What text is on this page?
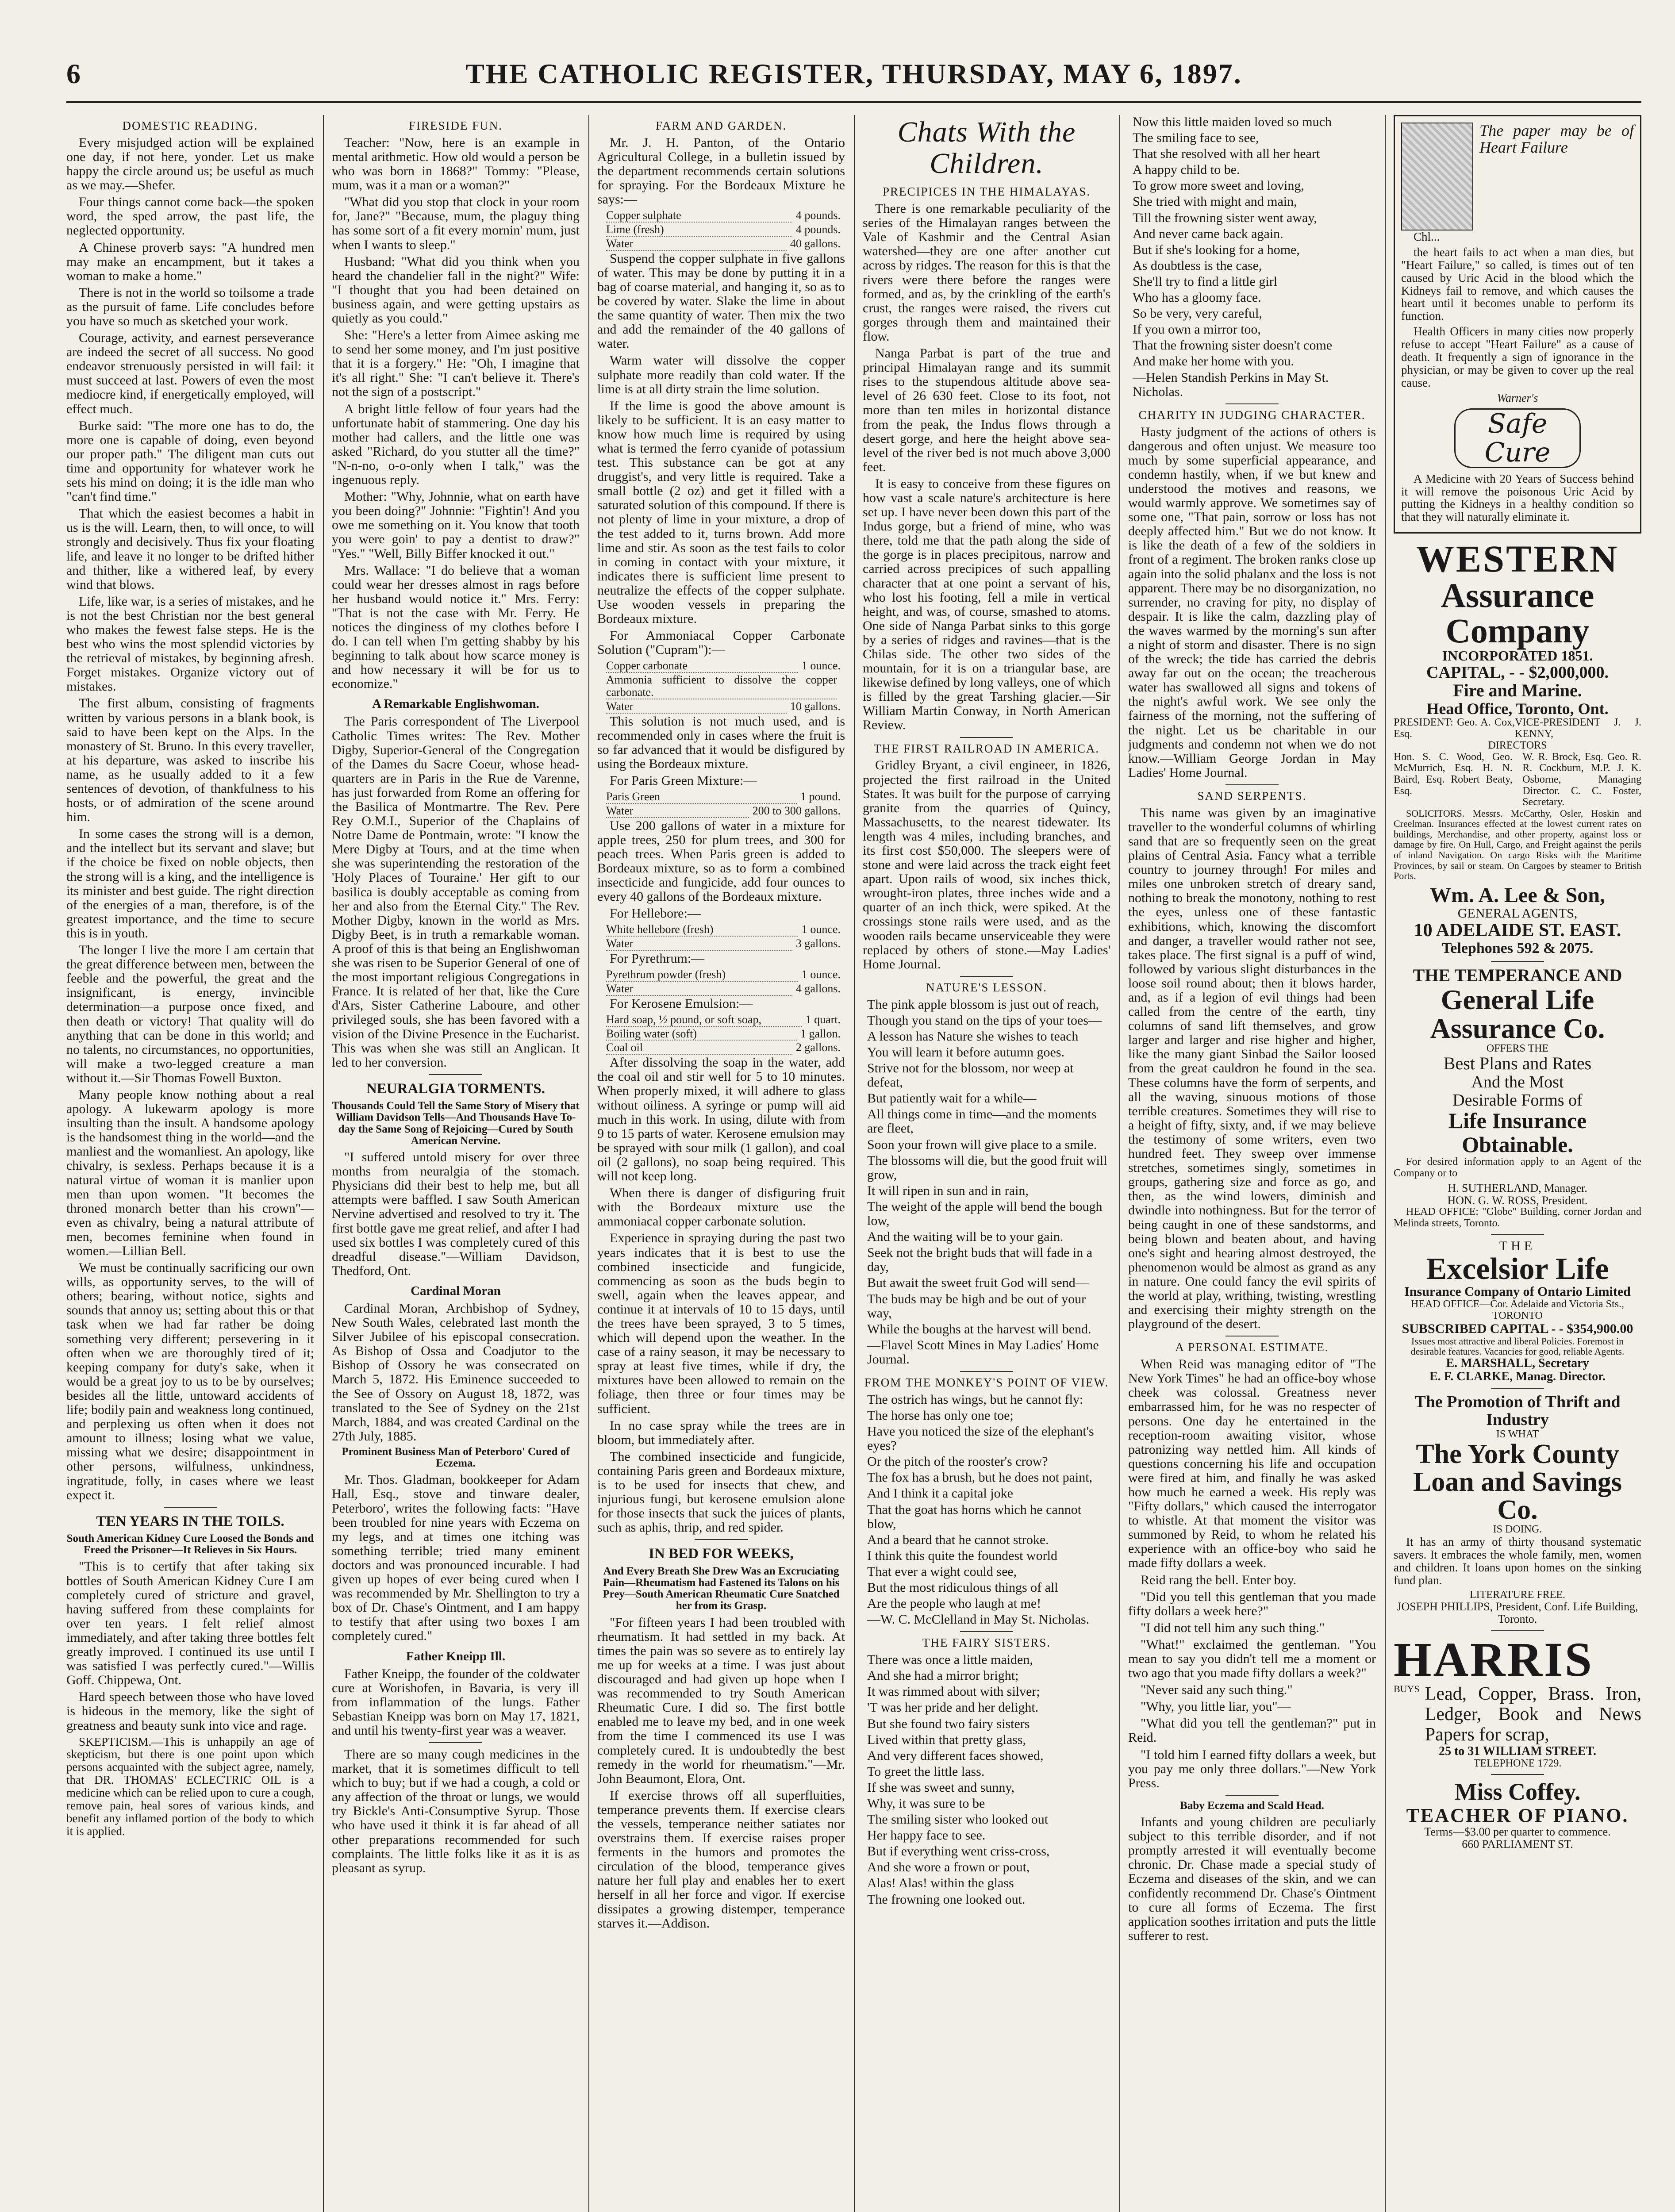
6	THE CATHOLIC REGISTER, THURSDAY, MAY 6, 1897.
DOMESTIC READING.

Every misjudged action will be explained one day, if not here, yonder. Let us make happy the circle around us; be useful as much as we may.—Shefer.

Four things cannot come back—the spoken word, the sped arrow, the past life, the neglected opportunity.

A Chinese proverb says: "A hundred men may make an encampment, but it takes a woman to make a home."

There is not in the world so toilsome a trade as the pursuit of fame. Life concludes before you have so much as sketched your work.

Courage, activity, and earnest perseverance are indeed the secret of all success. No good endeavor strenuously persisted in will fail: it must succeed at last. Powers of even the most mediocre kind, if energetically employed, will effect much.

Burke said: "The more one has to do, the more one is capable of doing, even beyond our proper path." The diligent man cuts out time and opportunity for whatever work he sets his mind on doing; it is the idle man who "can't find time."

That which the easiest becomes a habit in us is the will. Learn, then, to will once, to will strongly and decisively. Thus fix your floating life, and leave it no longer to be drifted hither and thither, like a withered leaf, by every wind that blows.

Life, like war, is a series of mistakes, and he is not the best Christian nor the best general who makes the fewest false steps. He is the best who wins the most splendid victories by the retrieval of mistakes, by beginning afresh. Forget mistakes. Organize victory out of mistakes.

The first album, consisting of fragments written by various persons in a blank book, is said to have been kept on the Alps. In the monastery of St. Bruno. In this every traveller, at his departure, was asked to inscribe his name, as he usually added to it a few sentences of devotion, of thankfulness to his hosts, or of admiration of the scene around him.

In some cases the strong will is a demon, and the intellect but its servant and slave; but if the choice be fixed on noble objects, then the strong will is a king, and the intelligence is its minister and best guide. The right direction of the energies of a man, therefore, is of the greatest importance, and the time to secure this is in youth.

The longer I live the more I am certain that the great difference between men, between the feeble and the powerful, the great and the insignificant, is energy, invincible determination—a purpose once fixed, and then death or victory! That quality will do anything that can be done in this world; and no talents, no circumstances, no opportunities, will make a two-legged creature a man without it.—Sir Thomas Fowell Buxton.

Many people know nothing about a real apology. A lukewarm apology is more insulting than the insult. A handsome apology is the handsomest thing in the world—and the manliest and the womanliest. An apology, like chivalry, is sexless. Perhaps because it is a natural virtue of woman it is manlier upon men than upon women. "It becomes the throned monarch better than his crown"—even as chivalry, being a natural attribute of men, becomes feminine when found in women.—Lillian Bell.

We must be continually sacrificing our own wills, as opportunity serves, to the will of others; bearing, without notice, sights and sounds that annoy us; setting about this or that task when we had far rather be doing something very different; persevering in it often when we are thoroughly tired of it; keeping company for duty's sake, when it would be a great joy to us to be by ourselves; besides all the little, untoward accidents of life; bodily pain and weakness long continued, and perplexing us often when it does not amount to illness; losing what we value, missing what we desire; disappointment in other persons, wilfulness, unkindness, ingratitude, folly, in cases where we least expect it.

TEN YEARS IN THE TOILS.
South American Kidney Cure Loosed the Bonds and Freed the Prisoner—It Relieves in Six Hours.

"This is to certify that after taking six bottles of South American Kidney Cure I am completely cured of stricture and gravel, having suffered from these complaints for over ten years. I felt relief almost immediately, and after taking three bottles felt greatly improved. I continued its use until I was satisfied I was perfectly cured."—Willis Goff. Chippewa, Ont.

Hard speech between those who have loved is hideous in the memory, like the sight of greatness and beauty sunk into vice and rage.

SKEPTICISM.—This is unhappily an age of skepticism, but there is one point upon which persons acquainted with the subject agree, namely, that DR. THOMAS' ECLECTRIC OIL is a medicine which can be relied upon to cure a cough, remove pain, heal sores of various kinds, and benefit any inflamed portion of the body to which it is applied.

FIRESIDE FUN.

Teacher: "Now, here is an example in mental arithmetic. How old would a person be who was born in 1868?" Tommy: "Please, mum, was it a man or a woman?"

"What did you stop that clock in your room for, Jane?" "Because, mum, the plaguy thing has some sort of a fit every mornin' mum, just when I wants to sleep."

Husband: "What did you think when you heard the chandelier fall in the night?" Wife: "I thought that you had been detained on business again, and were getting upstairs as quietly as you could."

She: "Here's a letter from Aimee asking me to send her some money, and I'm just positive that it is a forgery." He: "Oh, I imagine that it's all right." She: "I can't believe it. There's not the sign of a postscript."

A bright little fellow of four years had the unfortunate habit of stammering. One day his mother had callers, and the little one was asked "Richard, do you stutter all the time?" "N-n-no, o-o-only when I talk," was the ingenuous reply.

Mother: "Why, Johnnie, what on earth have you been doing?" Johnnie: "Fightin'! And you owe me something on it. You know that tooth you were goin' to pay a dentist to draw?" "Yes." "Well, Billy Biffer knocked it out."

Mrs. Wallace: "I do believe that a woman could wear her dresses almost in rags before her husband would notice it." Mrs. Ferry: "That is not the case with Mr. Ferry. He notices the dinginess of my clothes before I do. I can tell when I'm getting shabby by his beginning to talk about how scarce money is and how necessary it will be for us to economize."

A Remarkable Englishwoman.

The Paris correspondent of The Liverpool Catholic Times writes: The Rev. Mother Digby, Superior-General of the Congregation of the Dames du Sacre Coeur, whose head-quarters are in Paris in the Rue de Varenne, has just forwarded from Rome an offering for the Basilica of Montmartre. The Rev. Pere Rey O.M.I., Superior of the Chaplains of Notre Dame de Pontmain, wrote: "I know the Mere Digby at Tours, and at the time when she was superintending the restoration of the 'Holy Places of Touraine.' Her gift to our basilica is doubly acceptable as coming from her and also from the Eternal City." The Rev. Mother Digby, known in the world as Mrs. Digby Beet, is in truth a remarkable woman. A proof of this is that being an Englishwoman she was risen to be Superior General of one of the most important religious Congregations in France. It is related of her that, like the Cure d'Ars, Sister Catherine Laboure, and other privileged souls, she has been favored with a vision of the Divine Presence in the Eucharist. This was when she was still an Anglican. It led to her conversion.

NEURALGIA TORMENTS.
Thousands Could Tell the Same Story of Misery that William Davidson Tells—And Thousands Have To-day the Same Song of Rejoicing—Cured by South American Nervine.

"I suffered untold misery for over three months from neuralgia of the stomach. Physicians did their best to help me, but all attempts were baffled. I saw South American Nervine advertised and resolved to try it. The first bottle gave me great relief, and after I had used six bottles I was completely cured of this dreadful disease."—William Davidson, Thedford, Ont.

Cardinal Moran

Cardinal Moran, Archbishop of Sydney, New South Wales, celebrated last month the Silver Jubilee of his episcopal consecration. As Bishop of Ossa and Coadjutor to the Bishop of Ossory he was consecrated on March 5, 1872. His Eminence succeeded to the See of Ossory on August 18, 1872, was translated to the See of Sydney on the 21st March, 1884, and was created Cardinal on the 27th July, 1885.

Prominent Business Man of Peterboro' Cured of Eczema.

Mr. Thos. Gladman, bookkeeper for Adam Hall, Esq., stove and tinware dealer, Peterboro', writes the following facts: "Have been troubled for nine years with Eczema on my legs, and at times one itching was something terrible; tried many eminent doctors and was pronounced incurable. I had given up hopes of ever being cured when I was recommended by Mr. Shellington to try a box of Dr. Chase's Ointment, and I am happy to testify that after using two boxes I am completely cured."

Father Kneipp Ill.

Father Kneipp, the founder of the coldwater cure at Worishofen, in Bavaria, is very ill from inflammation of the lungs. Father Sebastian Kneipp was born on May 17, 1821, and until his twenty-first year was a weaver.

There are so many cough medicines in the market, that it is sometimes difficult to tell which to buy; but if we had a cough, a cold or any affection of the throat or lungs, we would try Bickle's Anti-Consumptive Syrup. Those who have used it think it is far ahead of all other preparations recommended for such complaints. The little folks like it as it is as pleasant as syrup.

FARM AND GARDEN.

Mr. J. H. Panton, of the Ontario Agricultural College, in a bulletin issued by the department recommends certain solutions for spraying. For the Bordeaux Mixture he says:—

Copper sulphate	4 pounds.
Lime (fresh)	4 pounds.
Water	40 gallons.

Suspend the copper sulphate in five gallons of water. This may be done by putting it in a bag of coarse material, and hanging it, so as to be covered by water. Slake the lime in about the same quantity of water. Then mix the two and add the remainder of the 40 gallons of water.

Warm water will dissolve the copper sulphate more readily than cold water. If the lime is at all dirty strain the lime solution.

If the lime is good the above amount is likely to be sufficient. It is an easy matter to know how much lime is required by using what is termed the ferro cyanide of potassium test. This substance can be got at any druggist's, and very little is required. Take a small bottle (2 oz) and get it filled with a saturated solution of this compound. If there is not plenty of lime in your mixture, a drop of the test added to it, turns brown. Add more lime and stir. As soon as the test fails to color in coming in contact with your mixture, it indicates there is sufficient lime present to neutralize the effects of the copper sulphate. Use wooden vessels in preparing the Bordeaux mixture.

For Ammoniacal Copper Carbonate Solution ("Cupram"):—

Copper carbonate	1 ounce.
Ammonia sufficient to dissolve the copper carbonate.
Water	10 gallons.

This solution is not much used, and is recommended only in cases where the fruit is so far advanced that it would be disfigured by using the Bordeaux mixture.

For Paris Green Mixture:—

Paris Green	1 pound.
Water	200 to 300 gallons.

Use 200 gallons of water in a mixture for apple trees, 250 for plum trees, and 300 for peach trees. When Paris green is added to Bordeaux mixture, so as to form a combined insecticide and fungicide, add four ounces to every 40 gallons of the Bordeaux mixture.

For Hellebore:—

White hellebore (fresh)	1 ounce.
Water	3 gallons.

For Pyrethrum:—

Pyrethrum powder (fresh)	1 ounce.
Water	4 gallons.

For Kerosene Emulsion:—

Hard soap, ½ pound, or soft soap,	1 quart.
Boiling water (soft)	1 gallon.
Coal oil	2 gallons.

After dissolving the soap in the water, add the coal oil and stir well for 5 to 10 minutes. When properly mixed, it will adhere to glass without oiliness. A syringe or pump will aid much in this work. In using, dilute with from 9 to 15 parts of water. Kerosene emulsion may be sprayed with sour milk (1 gallon), and coal oil (2 gallons), no soap being required. This will not keep long.

When there is danger of disfiguring fruit with the Bordeaux mixture use the ammoniacal copper carbonate solution.

Experience in spraying during the past two years indicates that it is best to use the combined insecticide and fungicide, commencing as soon as the buds begin to swell, again when the leaves appear, and continue it at intervals of 10 to 15 days, until the trees have been sprayed, 3 to 5 times, which will depend upon the weather. In the case of a rainy season, it may be necessary to spray at least five times, while if dry, the mixtures have been allowed to remain on the foliage, then three or four times may be sufficient.

In no case spray while the trees are in bloom, but immediately after.

The combined insecticide and fungicide, containing Paris green and Bordeaux mixture, is to be used for insects that chew, and injurious fungi, but kerosene emulsion alone for those insects that suck the juices of plants, such as aphis, thrip, and red spider.

IN BED FOR WEEKS,
And Every Breath She Drew Was an Excruciating Pain—Rheumatism had Fastened its Talons on his Prey—South American Rheumatic Cure Snatched her from its Grasp.

"For fifteen years I had been troubled with rheumatism. It had settled in my back. At times the pain was so severe as to entirely lay me up for weeks at a time. I was just about discouraged and had given up hope when I was recommended to try South American Rheumatic Cure. I did so. The first bottle enabled me to leave my bed, and in one week from the time I commenced its use I was completely cured. It is undoubtedly the best remedy in the world for rheumatism."—Mr. John Beaumont, Elora, Ont.

If exercise throws off all superfluities, temperance prevents them. If exercise clears the vessels, temperance neither satiates nor overstrains them. If exercise raises proper ferments in the humors and promotes the circulation of the blood, temperance gives nature her full play and enables her to exert herself in all her force and vigor. If exercise dissipates a growing distemper, temperance starves it.—Addison.

Chats With the Children.
PRECIPICES IN THE HIMALAYAS.

There is one remarkable peculiarity of the series of the Himalayan ranges between the Vale of Kashmir and the Central Asian watershed—they are one after another cut across by ridges. The reason for this is that the rivers were there before the ranges were formed, and as, by the crinkling of the earth's crust, the ranges were raised, the rivers cut gorges through them and maintained their flow.

Nanga Parbat is part of the true and principal Himalayan range and its summit rises to the stupendous altitude above sea-level of 26 630 feet. Close to its foot, not more than ten miles in horizontal distance from the peak, the Indus flows through a desert gorge, and here the height above sea-level of the river bed is not much above 3,000 feet.

It is easy to conceive from these figures on how vast a scale nature's architecture is here set up. I have never been down this part of the Indus gorge, but a friend of mine, who was there, told me that the path along the side of the gorge is in places precipitous, narrow and carried across precipices of such appalling character that at one point a servant of his, who lost his footing, fell a mile in vertical height, and was, of course, smashed to atoms. One side of Nanga Parbat sinks to this gorge by a series of ridges and ravines—that is the Chilas side. The other two sides of the mountain, for it is on a triangular base, are likewise defined by long valleys, one of which is filled by the great Tarshing glacier.—Sir William Martin Conway, in North American Review.

THE FIRST RAILROAD IN AMERICA.

Gridley Bryant, a civil engineer, in 1826, projected the first railroad in the United States. It was built for the purpose of carrying granite from the quarries of Quincy, Massachusetts, to the nearest tidewater. Its length was 4 miles, including branches, and its first cost $50,000. The sleepers were of stone and were laid across the track eight feet apart. Upon rails of wood, six inches thick, wrought-iron plates, three inches wide and a quarter of an inch thick, were spiked. At the crossings stone rails were used, and as the wooden rails became unserviceable they were replaced by others of stone.—May Ladies' Home Journal.

NATURE'S LESSON.

The pink apple blossom is just out of reach,

Though you stand on the tips of your toes—

A lesson has Nature she wishes to teach

You will learn it before autumn goes.

Strive not for the blossom, nor weep at defeat,

But patiently wait for a while—

All things come in time—and the moments are fleet,

Soon your frown will give place to a smile.

The blossoms will die, but the good fruit will grow,

It will ripen in sun and in rain,

The weight of the apple will bend the bough low,

And the waiting will be to your gain.

Seek not the bright buds that will fade in a day,

But await the sweet fruit God will send—

The buds may be high and be out of your way,

While the boughs at the harvest will bend.

—Flavel Scott Mines in May Ladies' Home Journal.

FROM THE MONKEY'S POINT OF VIEW.

The ostrich has wings, but he cannot fly:

The horse has only one toe;

Have you noticed the size of the elephant's eyes?

Or the pitch of the rooster's crow?

The fox has a brush, but he does not paint,

And I think it a capital joke

That the goat has horns which he cannot blow,

And a beard that he cannot stroke.

I think this quite the foundest world

That ever a wight could see,

But the most ridiculous things of all

Are the people who laugh at me!

—W. C. McClelland in May St. Nicholas.

THE FAIRY SISTERS.

There was once a little maiden,

And she had a mirror bright;

It was rimmed about with silver;

'T was her pride and her delight.

But she found two fairy sisters

Lived within that pretty glass,

And very different faces showed,

To greet the little lass.

If she was sweet and sunny,

Why, it was sure to be

The smiling sister who looked out

Her happy face to see.

But if everything went criss-cross,

And she wore a frown or pout,

Alas! Alas! within the glass

The frowning one looked out.

Now this little maiden loved so much

The smiling face to see,

That she resolved with all her heart

A happy child to be.

To grow more sweet and loving,

She tried with might and main,

Till the frowning sister went away,

And never came back again.

But if she's looking for a home,

As doubtless is the case,

She'll try to find a little girl

Who has a gloomy face.

So be very, very careful,

If you own a mirror too,

That the frowning sister doesn't come

And make her home with you.

—Helen Standish Perkins in May St. Nicholas.

CHARITY IN JUDGING CHARACTER.

Hasty judgment of the actions of others is dangerous and often unjust. We measure too much by some superficial appearance, and condemn hastily, when, if we but knew and understood the motives and reasons, we would warmly approve. We sometimes say of some one, "That pain, sorrow or loss has not deeply affected him." But we do not know. It is like the death of a few of the soldiers in front of a regiment. The broken ranks close up again into the solid phalanx and the loss is not apparent. There may be no disorganization, no surrender, no craving for pity, no display of despair. It is like the calm, dazzling play of the waves warmed by the morning's sun after a night of storm and disaster. There is no sign of the wreck; the tide has carried the debris away far out on the ocean; the treacherous water has swallowed all signs and tokens of the night's awful work. We see only the fairness of the morning, not the suffering of the night. Let us be charitable in our judgments and condemn not when we do not know.—William George Jordan in May Ladies' Home Journal.

SAND SERPENTS.

This name was given by an imaginative traveller to the wonderful columns of whirling sand that are so frequently seen on the great plains of Central Asia. Fancy what a terrible country to journey through! For miles and miles one unbroken stretch of dreary sand, nothing to break the monotony, nothing to rest the eyes, unless one of these fantastic exhibitions, which, knowing the discomfort and danger, a traveller would rather not see, takes place. The first signal is a puff of wind, followed by various slight disturbances in the loose soil round about; then it blows harder, and, as if a legion of evil things had been called from the centre of the earth, tiny columns of sand lift themselves, and grow larger and larger and rise higher and higher, like the many giant Sinbad the Sailor loosed from the great cauldron he found in the sea. These columns have the form of serpents, and all the waving, sinuous motions of those terrible creatures. Sometimes they will rise to a height of fifty, sixty, and, if we may believe the testimony of some writers, even two hundred feet. They sweep over immense stretches, sometimes singly, sometimes in groups, gathering size and force as go, and then, as the wind lowers, diminish and dwindle into nothingness. But for the terror of being caught in one of these sandstorms, and being blown and beaten about, and having one's sight and hearing almost destroyed, the phenomenon would be almost as grand as any in nature. One could fancy the evil spirits of the world at play, writhing, twisting, wrestling and exercising their mighty strength on the playground of the desert.

A PERSONAL ESTIMATE.

When Reid was managing editor of "The New York Times" he had an office-boy whose cheek was colossal. Greatness never embarrassed him, for he was no respecter of persons. One day he entertained in the reception-room awaiting visitor, whose patronizing way nettled him. All kinds of questions concerning his life and occupation were fired at him, and finally he was asked how much he earned a week. His reply was "Fifty dollars," which caused the interrogator to whistle. At that moment the visitor was summoned by Reid, to whom he related his experience with an office-boy who said he made fifty dollars a week.

Reid rang the bell. Enter boy.

"Did you tell this gentleman that you made fifty dollars a week here?"

"I did not tell him any such thing."

"What!" exclaimed the gentleman. "You mean to say you didn't tell me a moment or two ago that you made fifty dollars a week?"

"Never said any such thing."

"Why, you little liar, you"—

"What did you tell the gentleman?" put in Reid.

"I told him I earned fifty dollars a week, but you pay me only three dollars."—New York Press.

Baby Eczema and Scald Head.

Infants and young children are peculiarly subject to this terrible disorder, and if not promptly arrested it will eventually become chronic. Dr. Chase made a special study of Eczema and diseases of the skin, and we can confidently recommend Dr. Chase's Ointment to cure all forms of Eczema. The first application soothes irritation and puts the little sufferer to rest.

The paper may be of Heart Failure

Chl...

the heart fails to act when a man dies, but "Heart Failure," so called, is times out of ten caused by Uric Acid in the blood which the Kidneys fail to remove, and which causes the heart until it becomes unable to perform its function.

Health Officers in many cities now properly refuse to accept "Heart Failure" as a cause of death. It frequently a sign of ignorance in the physician, or may be given to cover up the real cause.

Warner's
Safe Cure

A Medicine with 20 Years of Success behind it will remove the poisonous Uric Acid by putting the Kidneys in a healthy condition so that they will naturally eliminate it.

WESTERN
Assurance Company
INCORPORATED 1851.
CAPITAL, - - $2,000,000.
Fire and Marine.
Head Office, Toronto, Ont.
PRESIDENT: Geo. A. Cox, Esq.
VICE-PRESIDENT J. J. KENNY,
DIRECTORS
Hon. S. C. Wood, Geo. McMurrich, Esq. H. N. Baird, Esq. Robert Beaty, Esq.
W. R. Brock, Esq. Geo. R. R. Cockburn, M.P. J. K. Osborne, Managing Director. C. C. Foster, Secretary.

SOLICITORS. Messrs. McCarthy, Osler, Hoskin and Creelman. Insurances effected at the lowest current rates on buildings, Merchandise, and other property, against loss or damage by fire. On Hull, Cargo, and Freight against the perils of inland Navigation. On cargo Risks with the Maritime Provinces, by sail or steam. On Cargoes by steamer to British Ports.

Wm. A. Lee & Son,
GENERAL AGENTS,
10 ADELAIDE ST. EAST.
Telephones 592 & 2075.
THE TEMPERANCE AND
General Life Assurance Co.
OFFERS THE
Best Plans and Rates
And the Most
Desirable Forms of
Life Insurance Obtainable.

For desired information apply to an Agent of the Company or to

H. SUTHERLAND, Manager.
HON. G. W. ROSS, President.

HEAD OFFICE: "Globe" Building, corner Jordan and Melinda streets, Toronto.

THE
Excelsior Life
Insurance Company of Ontario Limited
HEAD OFFICE—Cor. Adelaide and Victoria Sts., TORONTO
SUBSCRIBED CAPITAL - - $354,900.00
Issues most attractive and liberal Policies. Foremost in desirable features. Vacancies for good, reliable Agents.
E. MARSHALL, Secretary
E. F. CLARKE, Manag. Director.
The Promotion of Thrift and Industry
IS WHAT
The York County
Loan and Savings Co.
IS DOING.

It has an army of thirty thousand systematic savers. It embraces the whole family, men, women and children. It loans upon homes on the sinking fund plan.

LITERATURE FREE.
JOSEPH PHILLIPS, President, Conf. Life Building, Toronto.
HARRIS
BUYS Lead, Copper, Brass. Iron, Ledger, Book and News Papers for scrap,
25 to 31 WILLIAM STREET.
TELEPHONE 1729.
Miss Coffey.
TEACHER OF PIANO.
Terms—$3.00 per quarter to commence.
660 PARLIAMENT ST.
